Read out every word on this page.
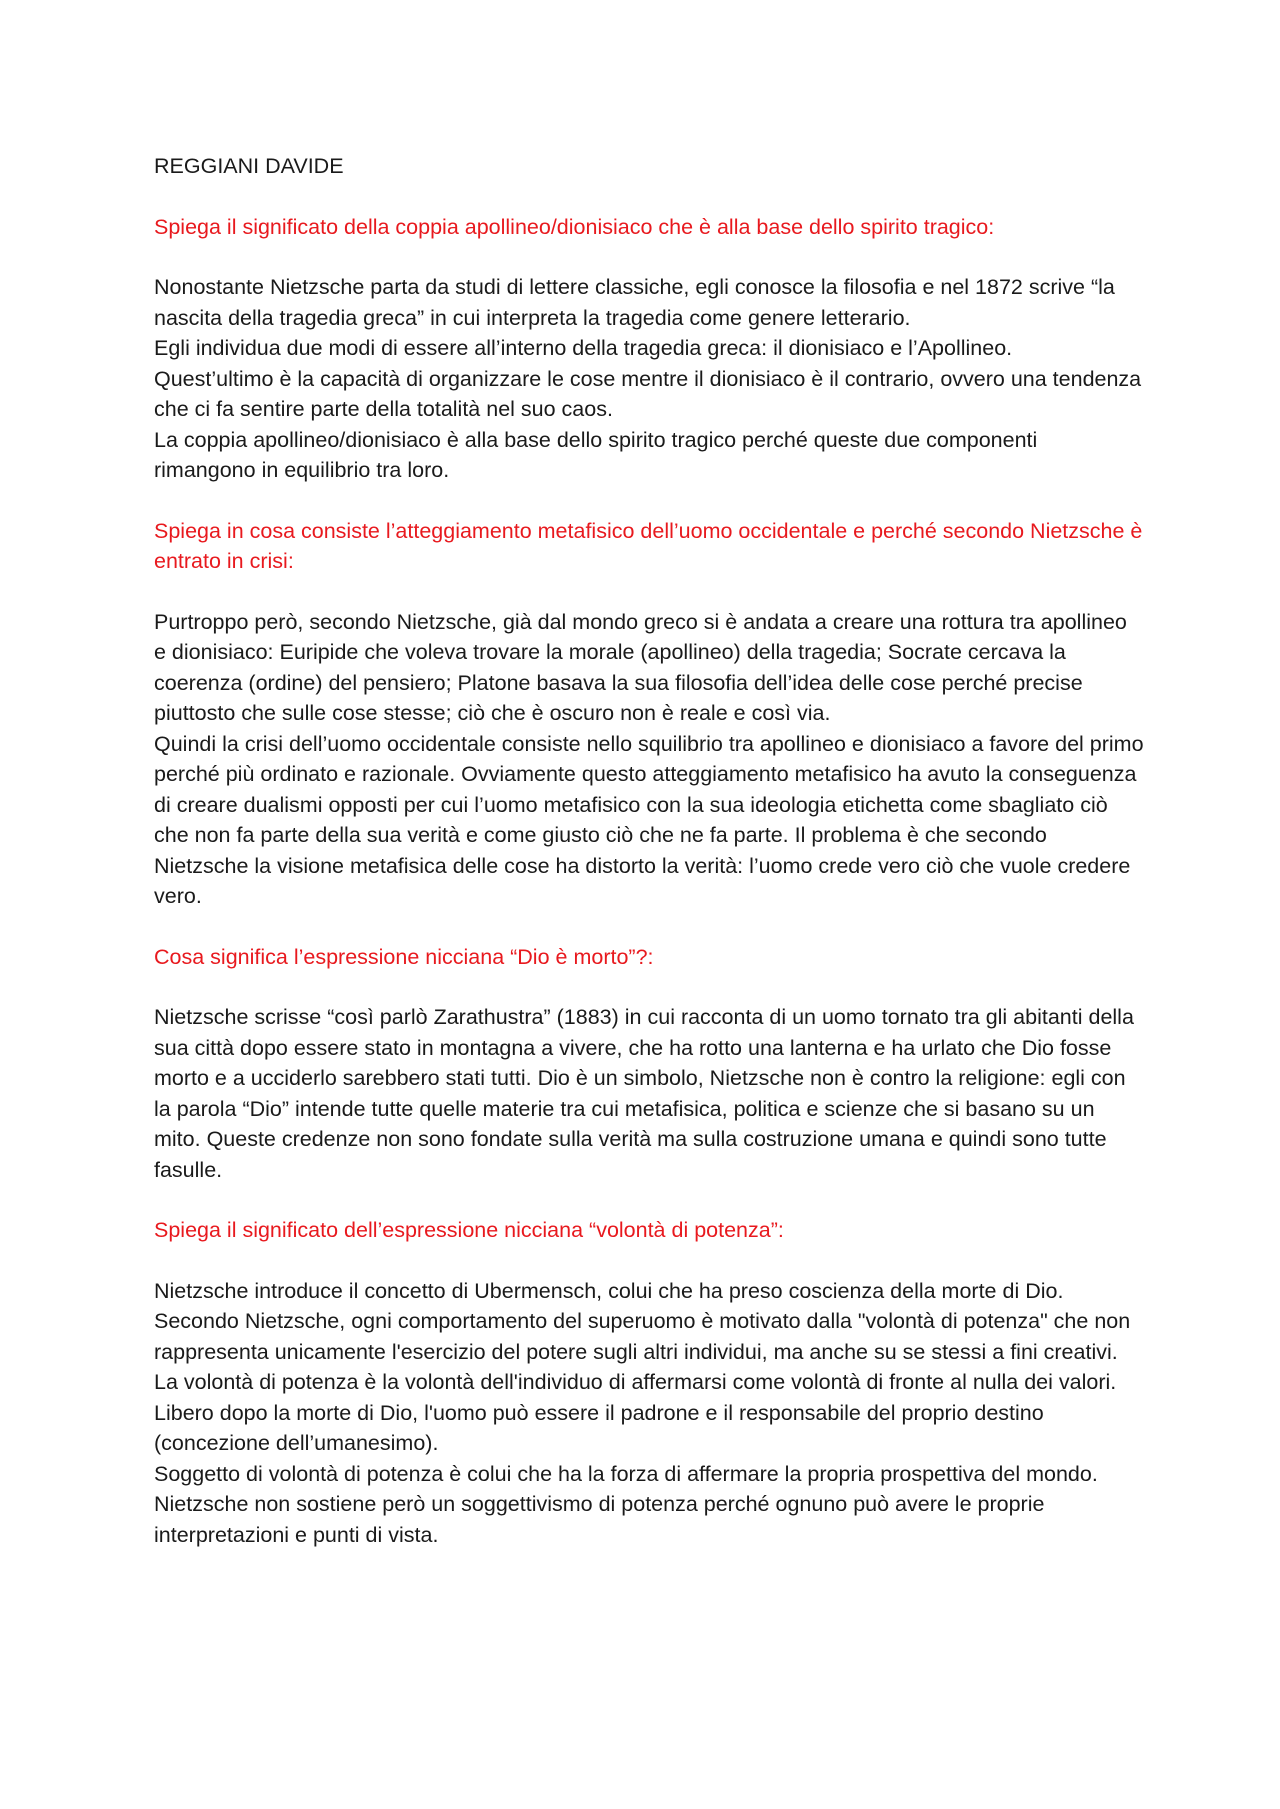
REGGIANI DAVIDE

Spiega il significato della coppia apollineo/dionisiaco che è alla base dello spirito tragico:

Nonostante Nietzsche parta da studi di lettere classiche, egli conosce la filosofia e nel 1872 scrive “la nascita della tragedia greca” in cui interpreta la tragedia come genere letterario.

Egli individua due modi di essere all’interno della tragedia greca: il dionisiaco e l’Apollineo.

Quest’ultimo è la capacità di organizzare le cose mentre il dionisiaco è il contrario, ovvero una tendenza che ci fa sentire parte della totalità nel suo caos.

La coppia apollineo/dionisiaco è alla base dello spirito tragico perché queste due componenti rimangono in equilibrio tra loro.

Spiega in cosa consiste l’atteggiamento metafisico dell’uomo occidentale e perché secondo Nietzsche è entrato in crisi:

Purtroppo però, secondo Nietzsche, già dal mondo greco si è andata a creare una rottura tra apollineo e dionisiaco: Euripide che voleva trovare la morale (apollineo) della tragedia; Socrate cercava la coerenza (ordine) del pensiero; Platone basava la sua filosofia dell’idea delle cose perché precise piuttosto che sulle cose stesse; ciò che è oscuro non è reale e così via.

Quindi la crisi dell’uomo occidentale consiste nello squilibrio tra apollineo e dionisiaco a favore del primo perché più ordinato e razionale. Ovviamente questo atteggiamento metafisico ha avuto la conseguenza di creare dualismi opposti per cui l’uomo metafisico con la sua ideologia etichetta come sbagliato ciò che non fa parte della sua verità e come giusto ciò che ne fa parte. Il problema è che secondo Nietzsche la visione metafisica delle cose ha distorto la verità: l’uomo crede vero ciò che vuole credere vero.

Cosa significa l’espressione nicciana “Dio è morto”?:

Nietzsche scrisse “così parlò Zarathustra” (1883) in cui racconta di un uomo tornato tra gli abitanti della sua città dopo essere stato in montagna a vivere, che ha rotto una lanterna e ha urlato che Dio fosse morto e a ucciderlo sarebbero stati tutti. Dio è un simbolo, Nietzsche non è contro la religione: egli con la parola “Dio” intende tutte quelle materie tra cui metafisica, politica e scienze che si basano su un mito. Queste credenze non sono fondate sulla verità ma sulla costruzione umana e quindi sono tutte fasulle.

Spiega il significato dell’espressione nicciana “volontà di potenza”:

Nietzsche introduce il concetto di Ubermensch, colui che ha preso coscienza della morte di Dio.

Secondo Nietzsche, ogni comportamento del superuomo è motivato dalla "volontà di potenza" che non rappresenta unicamente l'esercizio del potere sugli altri individui, ma anche su se stessi a fini creativi. La volontà di potenza è la volontà dell'individuo di affermarsi come volontà di fronte al nulla dei valori. Libero dopo la morte di Dio, l'uomo può essere il padrone e il responsabile del proprio destino (concezione dell’umanesimo).

Soggetto di volontà di potenza è colui che ha la forza di affermare la propria prospettiva del mondo. Nietzsche non sostiene però un soggettivismo di potenza perché ognuno può avere le proprie interpretazioni e punti di vista.
